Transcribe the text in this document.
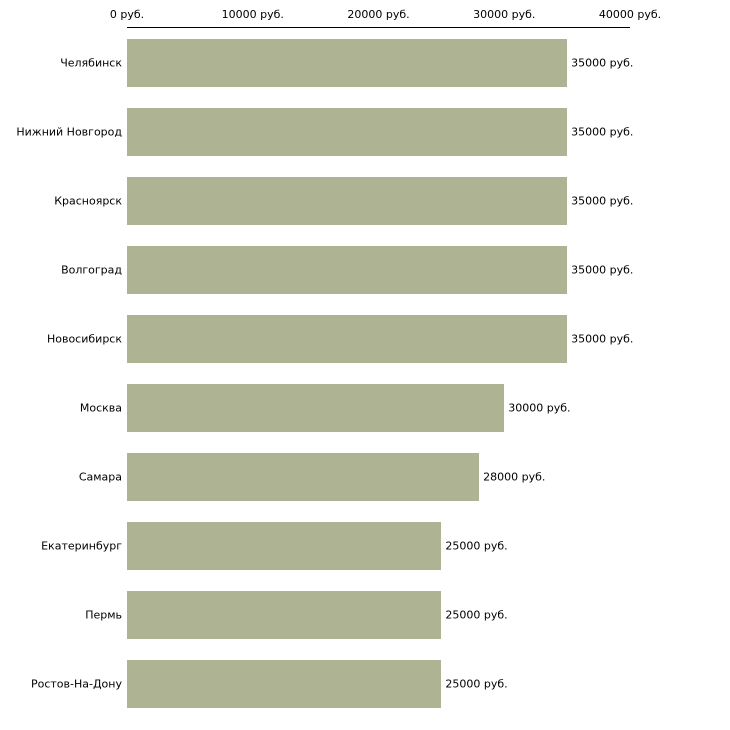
0 руб.	10000 руб.	20000 руб.	30000 руб.	40000 руб.
Челябинск	35000 руб.
Нижний Новгород	35000 руб.
Красноярск	35000 руб.
Волгоград	35000 руб.
Новосибирск	35000 руб.
Москва	30000 руб.
Самара	28000 руб.
Екатеринбург	25000 руб.
Пермь	25000 руб.
Ростов-На-Дону	25000 руб.
